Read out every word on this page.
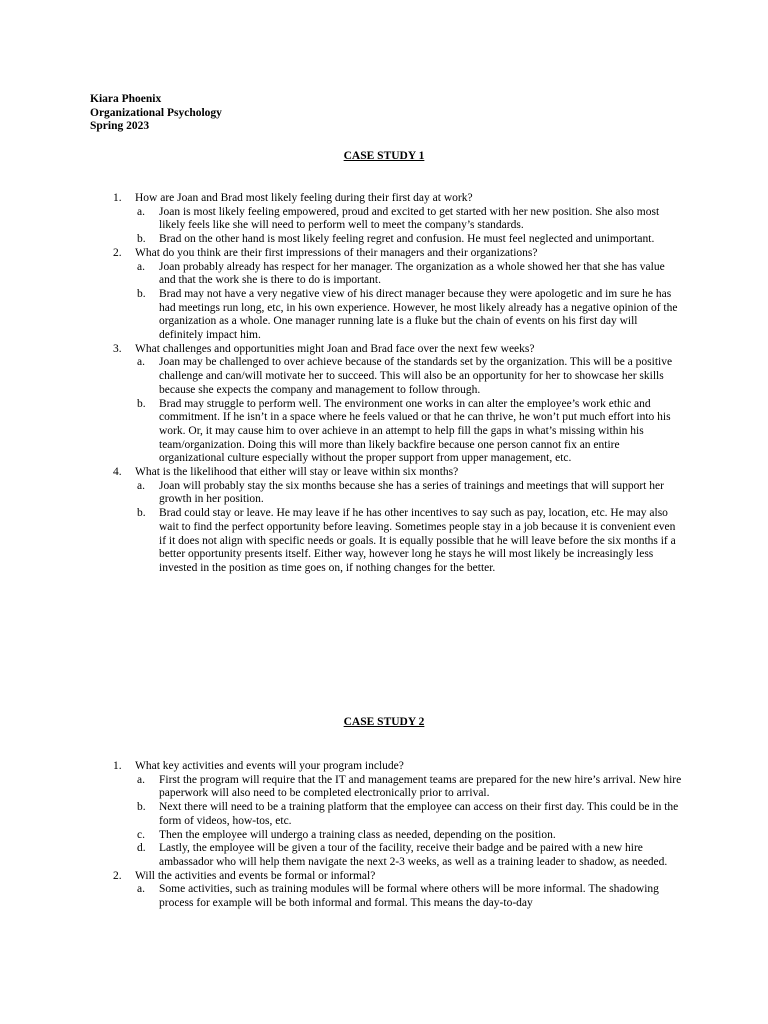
Kiara Phoenix
Organizational Psychology
Spring 2023
CASE STUDY 1
1. How are Joan and Brad most likely feeling during their first day at work?
a. Joan is most likely feeling empowered, proud and excited to get started with her new position. She also most likely feels like she will need to perform well to meet the company’s standards.
b. Brad on the other hand is most likely feeling regret and confusion. He must feel neglected and unimportant.
2. What do you think are their first impressions of their managers and their organizations?
a. Joan probably already has respect for her manager. The organization as a whole showed her that she has value and that the work she is there to do is important.
b. Brad may not have a very negative view of his direct manager because they were apologetic and im sure he has had meetings run long, etc, in his own experience. However, he most likely already has a negative opinion of the organization as a whole. One manager running late is a fluke but the chain of events on his first day will definitely impact him.
3. What challenges and opportunities might Joan and Brad face over the next few weeks?
a. Joan may be challenged to over achieve because of the standards set by the organization. This will be a positive challenge and can/will motivate her to succeed. This will also be an opportunity for her to showcase her skills because she expects the company and management to follow through.
b. Brad may struggle to perform well. The environment one works in can alter the employee’s work ethic and commitment. If he isn’t in a space where he feels valued or that he can thrive, he won’t put much effort into his work. Or, it may cause him to over achieve in an attempt to help fill the gaps in what’s missing within his team/organization. Doing this will more than likely backfire because one person cannot fix an entire organizational culture especially without the proper support from upper management, etc.
4. What is the likelihood that either will stay or leave within six months?
a. Joan will probably stay the six months because she has a series of trainings and meetings that will support her growth in her position.
b. Brad could stay or leave. He may leave if he has other incentives to say such as pay, location, etc. He may also wait to find the perfect opportunity before leaving. Sometimes people stay in a job because it is convenient even if it does not align with specific needs or goals. It is equally possible that he will leave before the six months if a better opportunity presents itself. Either way, however long he stays he will most likely be increasingly less invested in the position as time goes on, if nothing changes for the better.
CASE STUDY 2
1. What key activities and events will your program include?
a. First the program will require that the IT and management teams are prepared for the new hire’s arrival. New hire paperwork will also need to be completed electronically prior to arrival.
b. Next there will need to be a training platform that the employee can access on their first day. This could be in the form of videos, how-tos, etc.
c. Then the employee will undergo a training class as needed, depending on the position.
d. Lastly, the employee will be given a tour of the facility, receive their badge and be paired with a new hire ambassador who will help them navigate the next 2-3 weeks, as well as a training leader to shadow, as needed.
2. Will the activities and events be formal or informal?
a. Some activities, such as training modules will be formal where others will be more informal. The shadowing process for example will be both informal and formal. This means the day-to-day
